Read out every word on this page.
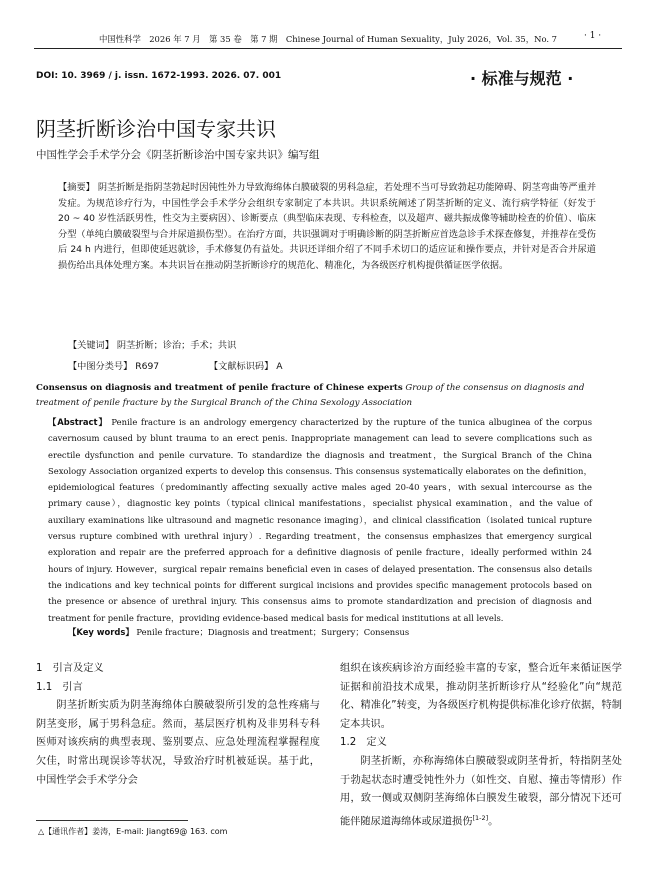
中国性科学　2026 年 7 月　第 35 卷　第 7 期　Chinese Journal of Human Sexuality，July 2026，Vol. 35，No. 7	· 1 ·
DOI: 10. 3969 / j. issn. 1672-1993. 2026. 07. 001	· 标准与规范 ·
阴茎折断诊治中国专家共识
中国性学会手术学分会《阴茎折断诊治中国专家共识》编写组
【摘要】 阴茎折断是指阴茎勃起时因钝性外力导致海绵体白膜破裂的男科急症，若处理不当可导致勃起功能障碍、阴茎弯曲等严重并发症。为规范诊疗行为，中国性学会手术学分会组织专家制定了本共识。共识系统阐述了阴茎折断的定义、流行病学特征（好发于 20 ~ 40 岁性活跃男性，性交为主要病因）、诊断要点（典型临床表现、专科检查，以及超声、磁共振成像等辅助检查的价值）、临床分型（单纯白膜破裂型与合并尿道损伤型）。在治疗方面，共识强调对于明确诊断的阴茎折断应首选急诊手术探查修复，并推荐在受伤后 24 h 内进行，但即使延迟就诊，手术修复仍有益处。共识还详细介绍了不同手术切口的适应证和操作要点，并针对是否合并尿道损伤给出具体处理方案。本共识旨在推动阴茎折断诊疗的规范化、精准化，为各级医疗机构提供循证医学依据。
【关键词】 阴茎折断；诊治；手术；共识
【中图分类号】 R697	【文献标识码】 A
Consensus on diagnosis and treatment of penile fracture of Chinese experts Group of the consensus on diagnosis and treatment of penile fracture by the Surgical Branch of the China Sexology Association
【Abstract】 Penile fracture is an andrology emergency characterized by the rupture of the tunica albuginea of the corpus cavernosum caused by blunt trauma to an erect penis. Inappropriate management can lead to severe complications such as erectile dysfunction and penile curvature. To standardize the diagnosis and treatment，the Surgical Branch of the China Sexology Association organized experts to develop this consensus. This consensus systematically elaborates on the definition，epidemiological features（predominantly affecting sexually active males aged 20-40 years，with sexual intercourse as the primary cause），diagnostic key points（typical clinical manifestations，specialist physical examination，and the value of auxiliary examinations like ultrasound and magnetic resonance imaging），and clinical classification（isolated tunical rupture versus rupture combined with urethral injury）. Regarding treatment，the consensus emphasizes that emergency surgical exploration and repair are the preferred approach for a definitive diagnosis of penile fracture，ideally performed within 24 hours of injury. However，surgical repair remains beneficial even in cases of delayed presentation. The consensus also details the indications and key technical points for different surgical incisions and provides specific management protocols based on the presence or absence of urethral injury. This consensus aims to promote standardization and precision of diagnosis and treatment for penile fracture，providing evidence-based medical basis for medical institutions at all levels.
【Key words】 Penile fracture；Diagnosis and treatment；Surgery；Consensus

1　引言及定义

1.1　引言

阴茎折断实质为阴茎海绵体白膜破裂所引发的急性疼痛与阴茎变形，属于男科急症。然而，基层医疗机构及非男科专科医师对该疾病的典型表现、鉴别要点、应急处理流程掌握程度欠佳，时常出现误诊等状况，导致治疗时机被延误。基于此，中国性学会手术学分会

组织在该疾病诊治方面经验丰富的专家，整合近年来循证医学证据和前沿技术成果，推动阴茎折断诊疗从“经验化”向“规范化、精准化”转变，为各级医疗机构提供标准化诊疗依据，特制定本共识。

1.2　定义

阴茎折断，亦称海绵体白膜破裂或阴茎骨折，特指阴茎处于勃起状态时遭受钝性外力（如性交、自慰、撞击等情形）作用，致一侧或双侧阴茎海绵体白膜发生破裂，部分情况下还可能伴随尿道海绵体或尿道损伤[1-2]。

△【通讯作者】姜涛，E-mail: Jiangt69@ 163. com
